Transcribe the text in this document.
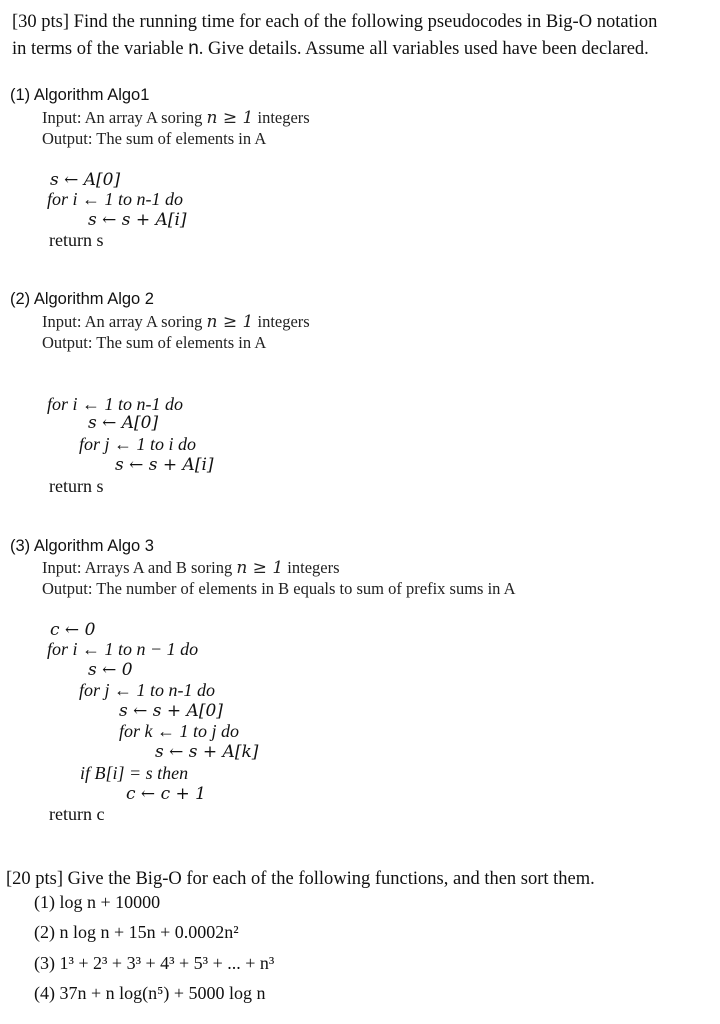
[30 pts] Find the running time for each of the following pseudocodes in Big-O notation
in terms of the variable n. Give details. Assume all variables used have been declared.
(1) Algorithm Algo1
Input: An array A soring n ≥ 1 integers
Output: The sum of elements in A
s ← A[0]
for i ← 1 to n-1 do
s ← s + A[i]
return s
(2) Algorithm Algo 2
Input: An array A soring n ≥ 1 integers
Output: The sum of elements in A
for i ← 1 to n-1 do
s ← A[0]
for j ← 1 to i do
s ← s + A[i]
return s
(3) Algorithm Algo 3
Input: Arrays A and B soring n ≥ 1 integers
Output: The number of elements in B equals to sum of prefix sums in A
c ← 0
for i ← 1 to n − 1 do
s ← 0
for j ← 1 to n-1 do
s ← s + A[0]
for k ← 1 to j do
s ← s + A[k]
if B[i] = s then
c ← c + 1
return c
[20 pts] Give the Big-O for each of the following functions, and then sort them.
(1) log n + 10000
(2) n log n + 15n + 0.0002n²
(3) 1³ + 2³ + 3³ + 4³ + 5³ + ... + n³
(4) 37n + n log(n⁵) + 5000 log n
